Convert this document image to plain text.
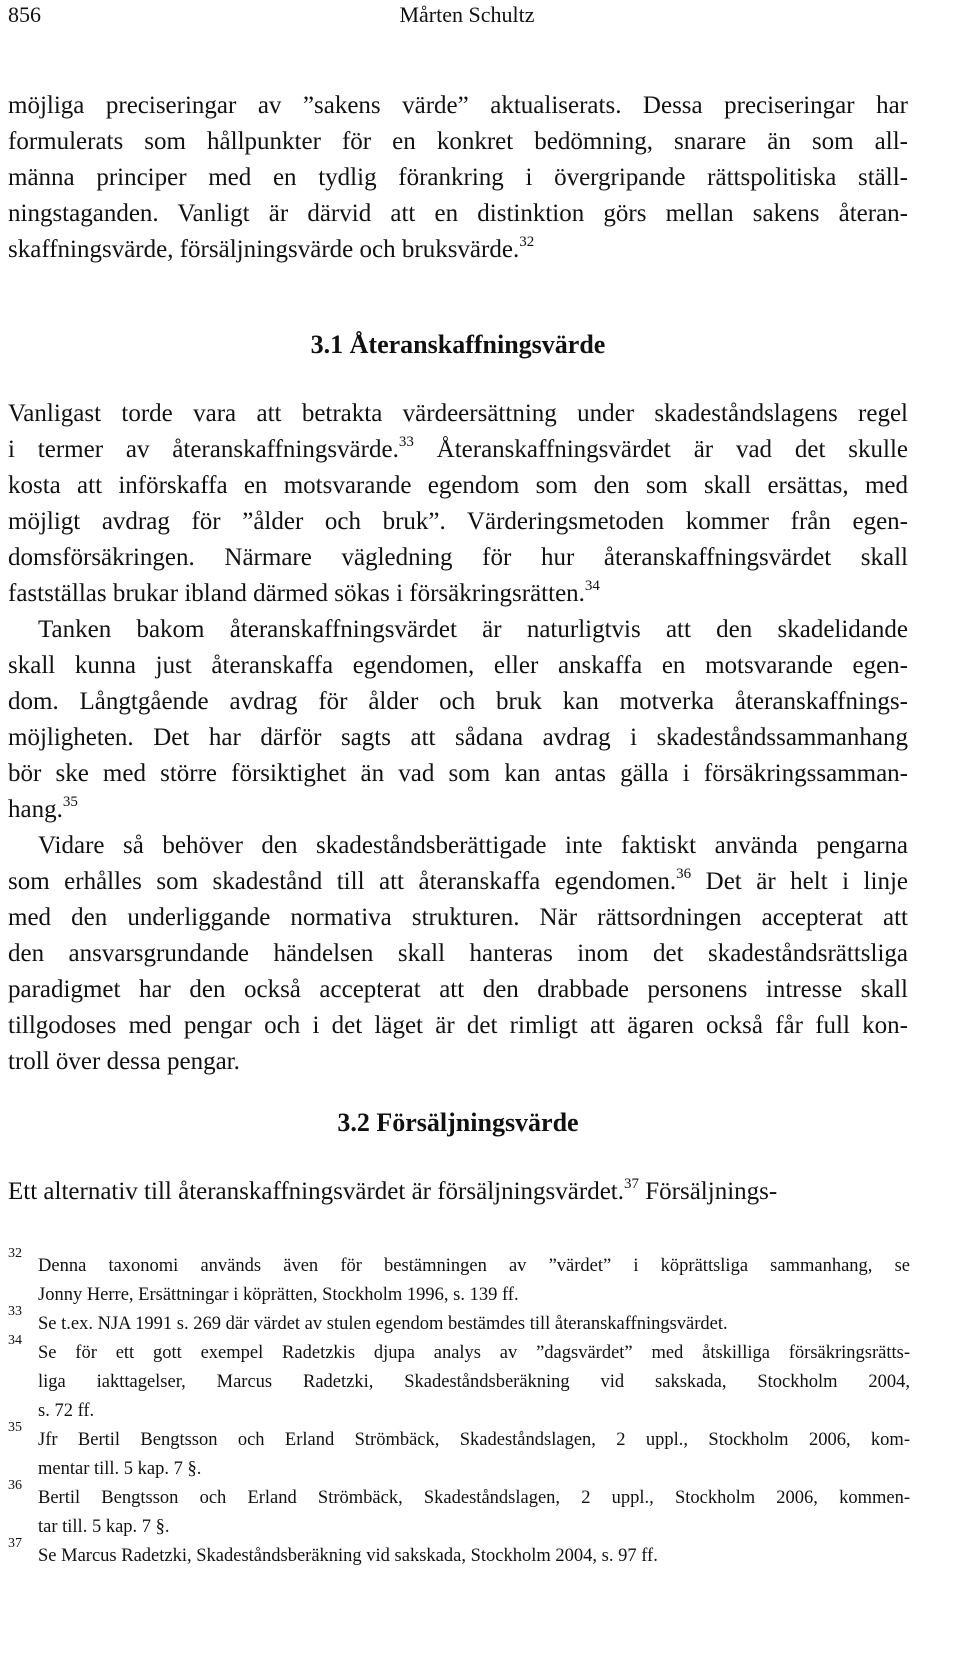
856	Mårten Schultz
möjliga preciseringar av ”sakens värde” aktualiserats. Dessa preciseringar har
formulerats som hållpunkter för en konkret bedömning, snarare än som all-
männa principer med en tydlig förankring i övergripande rättspolitiska ställ-
ningstaganden. Vanligt är därvid att en distinktion görs mellan sakens återan-
skaffningsvärde, försäljningsvärde och bruksvärde.$^{32}$
3.1 Återanskaffningsvärde
Vanligast torde vara att betrakta värdeersättning under skadeståndslagens regel
i termer av återanskaffningsvärde.$^{33}$ Återanskaffningsvärdet är vad det skulle
kosta att införskaffa en motsvarande egendom som den som skall ersättas, med
möjligt avdrag för ”ålder och bruk”. Värderingsmetoden kommer från egen-
domsförsäkringen. Närmare vägledning för hur återanskaffningsvärdet skall
fastställas brukar ibland därmed sökas i försäkringsrätten.$^{34}$
Tanken bakom återanskaffningsvärdet är naturligtvis att den skadelidande
skall kunna just återanskaffa egendomen, eller anskaffa en motsvarande egen-
dom. Långtgående avdrag för ålder och bruk kan motverka återanskaffnings-
möjligheten. Det har därför sagts att sådana avdrag i skadeståndssammanhang
bör ske med större försiktighet än vad som kan antas gälla i försäkringssamman-
hang.$^{35}$
Vidare så behöver den skadeståndsberättigade inte faktiskt använda pengarna
som erhålles som skadestånd till att återanskaffa egendomen.$^{36}$ Det är helt i linje
med den underliggande normativa strukturen. När rättsordningen accepterat att
den ansvarsgrundande händelsen skall hanteras inom det skadeståndsrättsliga
paradigmet har den också accepterat att den drabbade personens intresse skall
tillgodoses med pengar och i det läget är det rimligt att ägaren också får full kon-
troll över dessa pengar.
3.2 Försäljningsvärde
Ett alternativ till återanskaffningsvärdet är försäljningsvärdet.$^{37}$ Försäljnings-
32
Denna taxonomi används även för bestämningen av ”värdet” i köprättsliga sammanhang, se
Jonny Herre, Ersättningar i köprätten, Stockholm 1996, s. 139 ff.
33
Se t.ex. NJA 1991 s. 269 där värdet av stulen egendom bestämdes till återanskaffningsvärdet.
34
Se för ett gott exempel Radetzkis djupa analys av ”dagsvärdet” med åtskilliga försäkringsrätts-
liga iakttagelser, Marcus Radetzki, Skadeståndsberäkning vid sakskada, Stockholm 2004,
s. 72 ff.
35
Jfr Bertil Bengtsson och Erland Strömbäck, Skadeståndslagen, 2 uppl., Stockholm 2006, kom-
mentar till. 5 kap. 7 §.
36
Bertil Bengtsson och Erland Strömbäck, Skadeståndslagen, 2 uppl., Stockholm 2006, kommen-
tar till. 5 kap. 7 §.
37
Se Marcus Radetzki, Skadeståndsberäkning vid sakskada, Stockholm 2004, s. 97 ff.
